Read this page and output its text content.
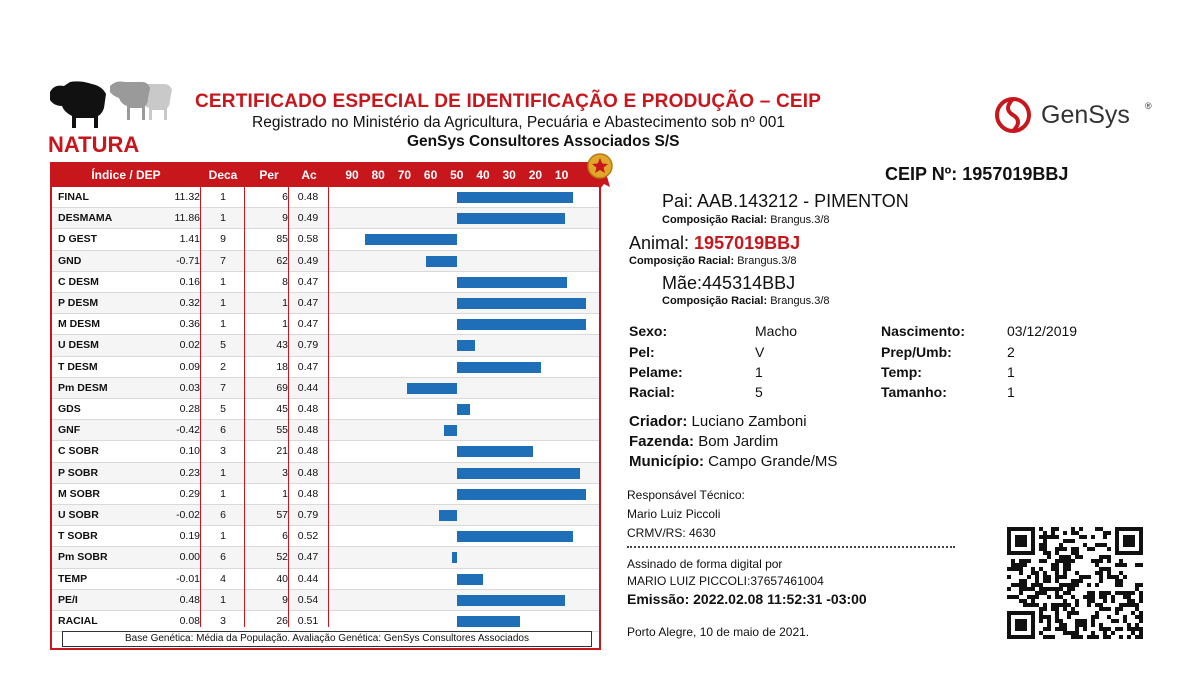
NATURA
CERTIFICADO ESPECIAL DE IDENTIFICAÇÃO E PRODUÇÃO – CEIP
Registrado no Ministério da Agricultura, Pecuária e Abastecimento sob nº 001
GenSys Consultores Associados S/S
GenSys ®
Índice / DEP	Deca	Per	Ac	90	80	70	60	50	40	30	20	10
FINAL	11.32	1	6 0.48
DESMAMA	11.86	1	9 0.49
D GEST	1.41	9	85 0.58
GND	-0.71	7	62 0.49
C DESM	0.16	1	8 0.47
P DESM	0.32	1	1 0.47
M DESM	0.36	1	1 0.47
U DESM	0.02	5	43 0.79
T DESM	0.09	2	18 0.47
Pm DESM	0.03	7	69 0.44
GDS	0.28	5	45 0.48
GNF	-0.42	6	55 0.48
C SOBR	0.10	3	21 0.48
P SOBR	0.23	1	3 0.48
M SOBR	0.29	1	1 0.48
U SOBR	-0.02	6	57 0.79
T SOBR	0.19	1	6 0.52
Pm SOBR	0.00	6	52 0.47
TEMP	-0.01	4	40 0.44
PE/I	0.48	1	9 0.54
RACIAL	0.08	3	26 0.51
Base Genética: Média da População. Avaliação Genética: GenSys Consultores Associados
CEIP Nº: 1957019BBJ
Pai: AAB.143212 - PIMENTON
Composição Racial: Brangus.3/8
Animal: 1957019BBJ
Composição Racial: Brangus.3/8
Mãe:445314BBJ
Composição Racial: Brangus.3/8
Sexo:	Macho
Pel:	V
Pelame:	1
Racial:	5
Nascimento:	03/12/2019
Prep/Umb:	2
Temp:	1
Tamanho:	1
Criador: Luciano Zamboni
Fazenda: Bom Jardim
Município: Campo Grande/MS
Responsável Técnico:
Mario Luiz Piccoli
CRMV/RS: 4630
Assinado de forma digital por
MARIO LUIZ PICCOLI:37657461004
Emissão: 2022.02.08 11:52:31 -03:00
Porto Alegre, 10 de maio de 2021.
